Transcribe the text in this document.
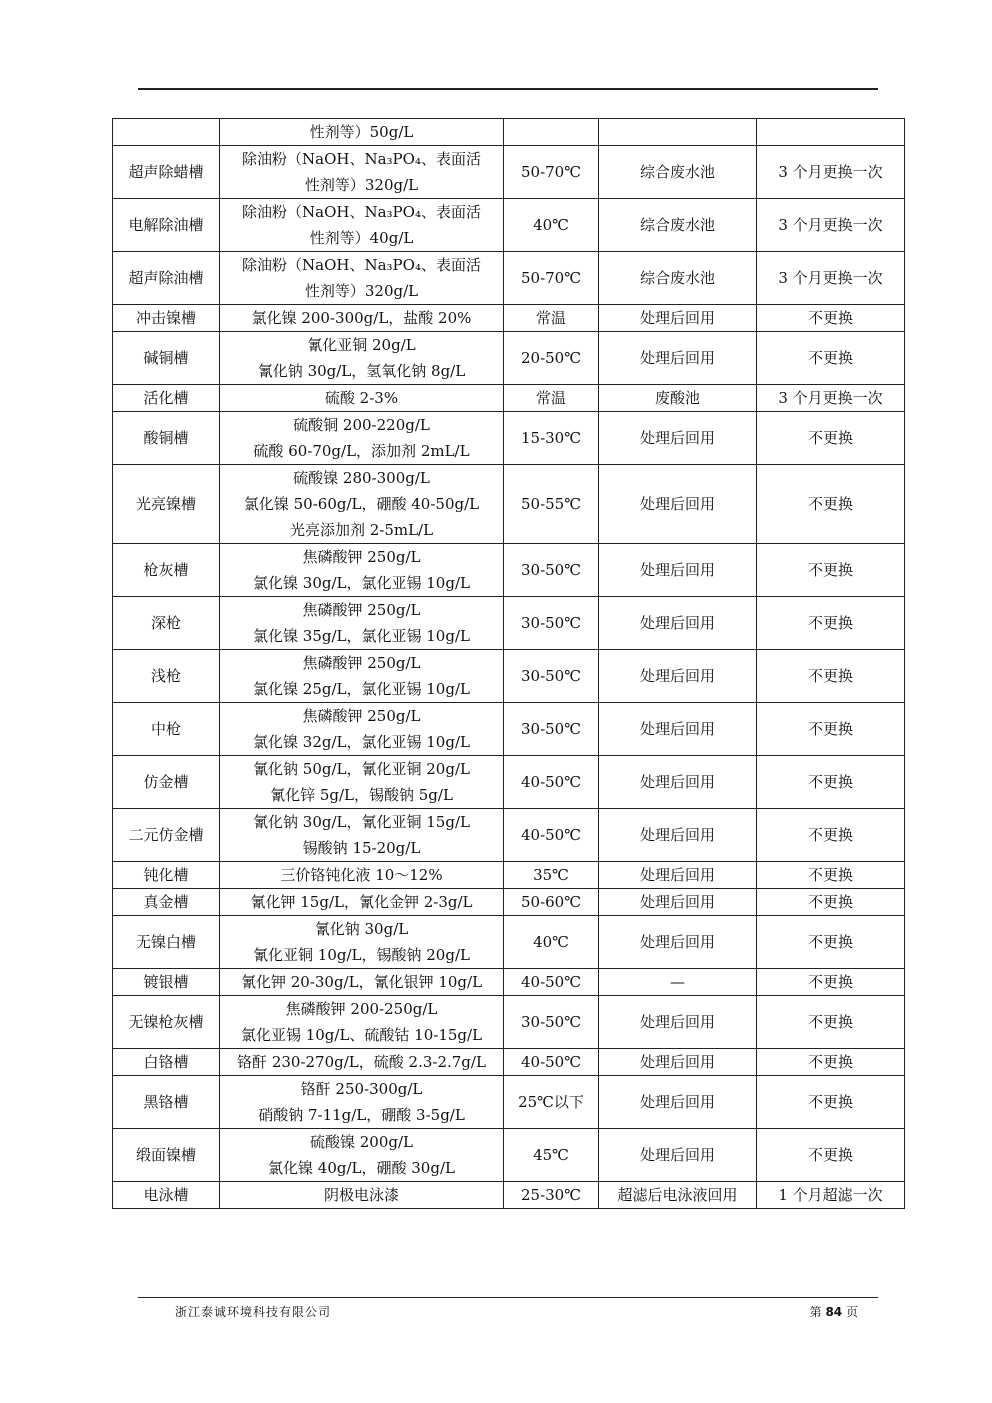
	性剂等）50g/L			

超声除蜡槽	除油粉（NaOH、Na₃PO₄、表面活
性剂等）320g/L	50-70℃	综合废水池	3 个月更换一次
电解除油槽	除油粉（NaOH、Na₃PO₄、表面活
性剂等）40g/L	40℃	综合废水池	3 个月更换一次
超声除油槽	除油粉（NaOH、Na₃PO₄、表面活
性剂等）320g/L	50-70℃	综合废水池	3 个月更换一次
冲击镍槽	氯化镍 200-300g/L，盐酸 20%	常温	处理后回用	不更换
碱铜槽	氰化亚铜 20g/L
氰化钠 30g/L，氢氧化钠 8g/L	20-50℃	处理后回用	不更换
活化槽	硫酸 2-3%	常温	废酸池	3 个月更换一次
酸铜槽	硫酸铜 200-220g/L
硫酸 60-70g/L，添加剂 2mL/L	15-30℃	处理后回用	不更换
光亮镍槽	硫酸镍 280-300g/L
氯化镍 50-60g/L，硼酸 40-50g/L
光亮添加剂 2-5mL/L	50-55℃	处理后回用	不更换
枪灰槽	焦磷酸钾 250g/L
氯化镍 30g/L，氯化亚锡 10g/L	30-50℃	处理后回用	不更换
深枪	焦磷酸钾 250g/L
氯化镍 35g/L，氯化亚锡 10g/L	30-50℃	处理后回用	不更换
浅枪	焦磷酸钾 250g/L
氯化镍 25g/L，氯化亚锡 10g/L	30-50℃	处理后回用	不更换
中枪	焦磷酸钾 250g/L
氯化镍 32g/L，氯化亚锡 10g/L	30-50℃	处理后回用	不更换
仿金槽	氰化钠 50g/L，氰化亚铜 20g/L
氰化锌 5g/L，锡酸钠 5g/L	40-50℃	处理后回用	不更换
二元仿金槽	氰化钠 30g/L，氰化亚铜 15g/L
锡酸钠 15-20g/L	40-50℃	处理后回用	不更换
钝化槽	三价铬钝化液 10～12%	35℃	处理后回用	不更换
真金槽	氰化钾 15g/L，氰化金钾 2-3g/L	50-60℃	处理后回用	不更换
无镍白槽	氰化钠 30g/L
氰化亚铜 10g/L，锡酸钠 20g/L	40℃	处理后回用	不更换
镀银槽	氰化钾 20-30g/L，氰化银钾 10g/L	40-50℃	—	不更换
无镍枪灰槽	焦磷酸钾 200-250g/L
氯化亚锡 10g/L、硫酸钴 10-15g/L	30-50℃	处理后回用	不更换
白铬槽	铬酐 230-270g/L，硫酸 2.3-2.7g/L	40-50℃	处理后回用	不更换
黑铬槽	铬酐 250-300g/L
硝酸钠 7-11g/L，硼酸 3-5g/L	25℃以下	处理后回用	不更换
缎面镍槽	硫酸镍 200g/L
氯化镍 40g/L，硼酸 30g/L	45℃	处理后回用	不更换
电泳槽	阴极电泳漆	25-30℃	超滤后电泳液回用	1 个月超滤一次
浙江泰诚环境科技有限公司	第 84 页
